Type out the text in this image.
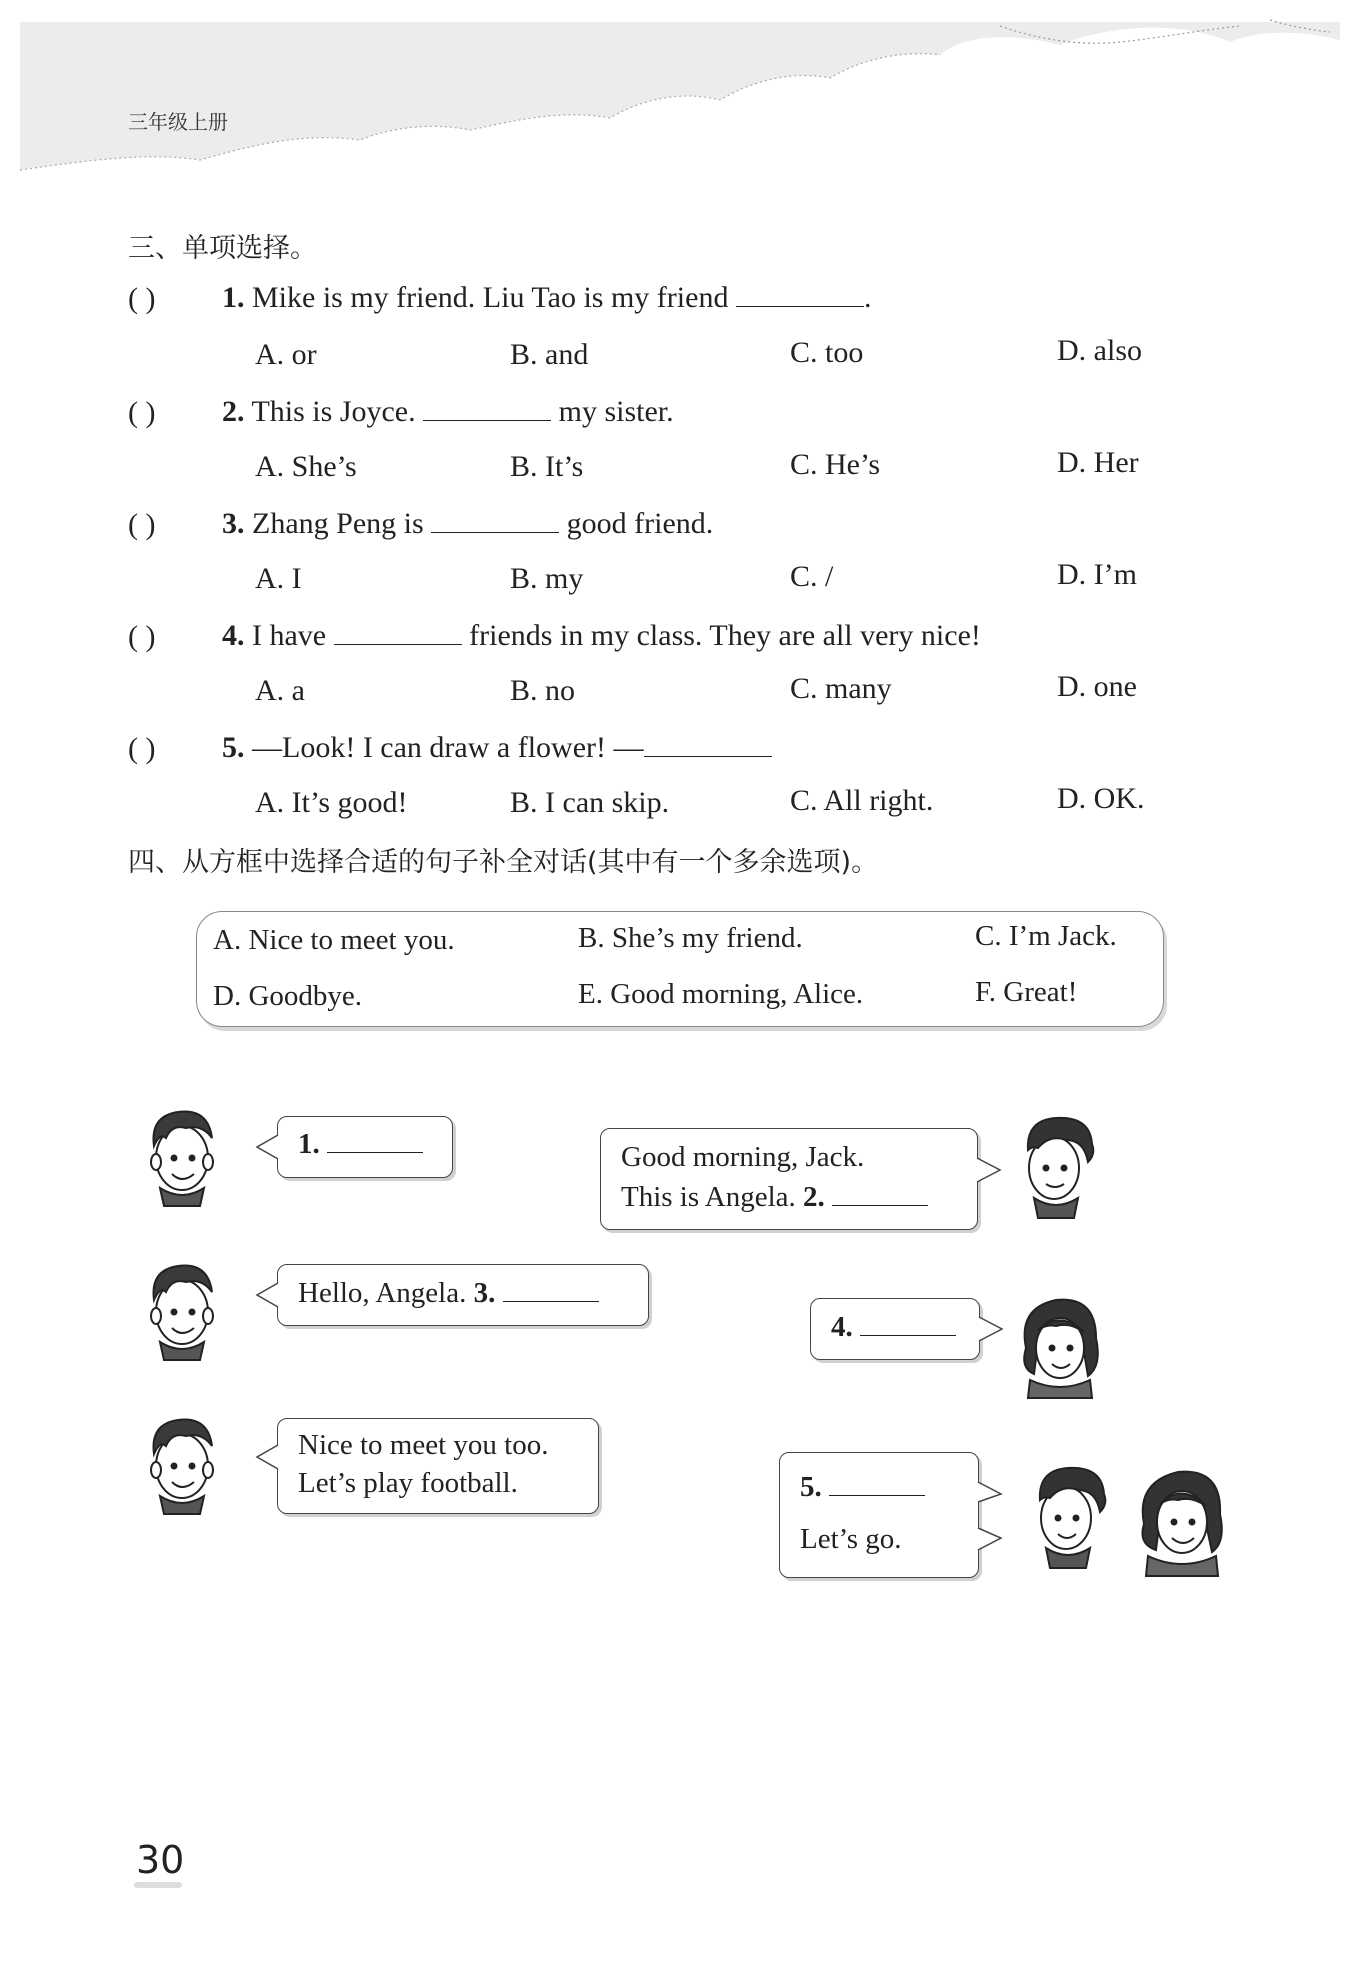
三年级上册
三、单项选择。
( ) 1. Mike is my friend. Liu Tao is my friend	.
A. or	B. and	C. too	D. also
( ) 2. This is Joyce.	my sister.
A. She’s	B. It’s	C. He’s	D. Her
( ) 3. Zhang Peng is	good friend.
A. I	B. my	C. /	D. I’m
( ) 4. I have	friends in my class. They are all very nice!
A. a	B. no	C. many	D. one
( ) 5. —Look! I can draw a flower! —
A. It’s good!	B. I can skip.	C. All right.	D. OK.
四、从方框中选择合适的句子补全对话(其中有一个多余选项)。
A. Nice to meet you.	B. She’s my friend.	C. I’m Jack.
D. Goodbye.	E. Good morning, Alice.	F. Great!
1.	Good morning, Jack.
This is Angela. 2.
Hello, Angela. 3.
4.
Nice to meet you too.
Let’s play football.	5.
Let’s go.
30
